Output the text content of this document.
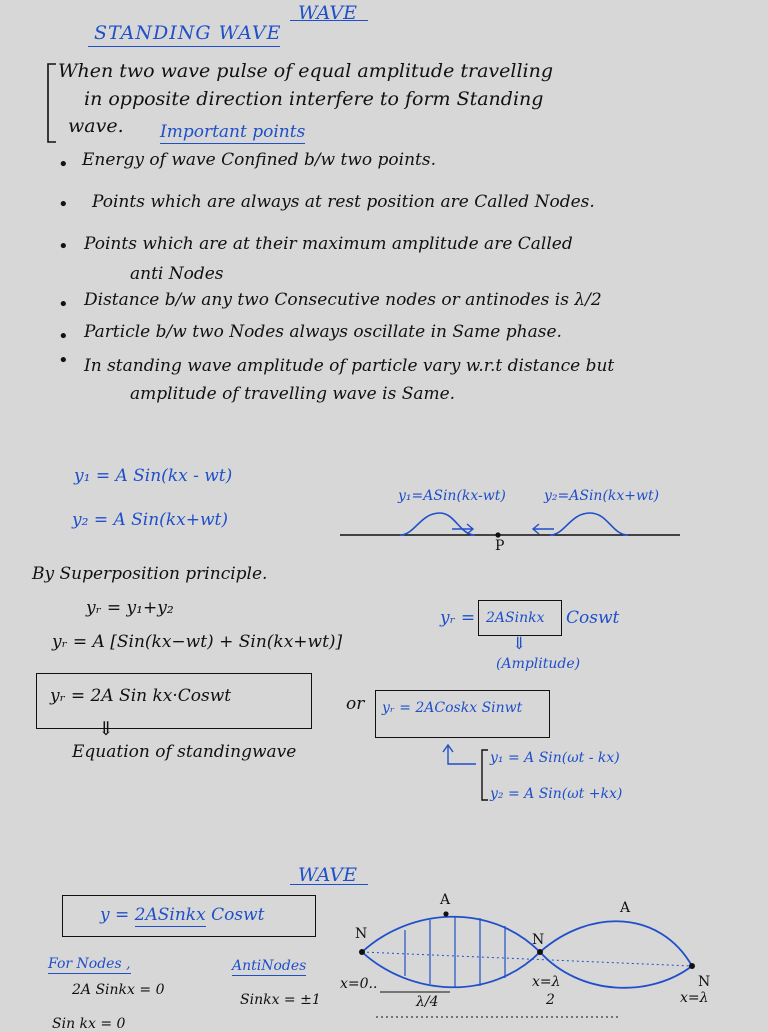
WAVE
STANDING WAVE
When two wave pulse of equal amplitude travelling
in opposite direction interfere to form Standing
wave. Important points
• Energy of wave Confined b/w two points.
• Points which are always at rest position are Called Nodes.
• Points which are at their maximum amplitude are Called
anti Nodes
• Distance b/w any two Consecutive nodes or antinodes is λ/2
• Particle b/w two Nodes always oscillate in Same phase.
• In standing wave amplitude of particle vary w.r.t distance but
amplitude of travelling wave is Same.
y₁ = A Sin(kx - wt)
y₂ = A Sin(kx+wt)
y₁=ASin(kx-wt)	y₂=ASin(kx+wt)
P
By Superposition principle.
yᵣ = y₁+y₂
yᵣ = A [Sin(kx−wt) + Sin(kx+wt)]
yᵣ = 2A Sin kx·Coswt
⇓
Equation of standingwave
yᵣ = 2ASinkx Coswt
⇓
(Amplitude)
or yᵣ = 2ACoskx Sinwt
y₁ = A Sin(ωt - kx)
y₂ = A Sin(ωt +kx)
WAVE
y = 2ASinkx Coswt
For Nodes ,
2A Sinkx = 0
AntiNodes
Sinkx = ±1
Sin kx = 0
A	A
N	N
N
x=0..	x=λ
2	x=λ
λ/4
